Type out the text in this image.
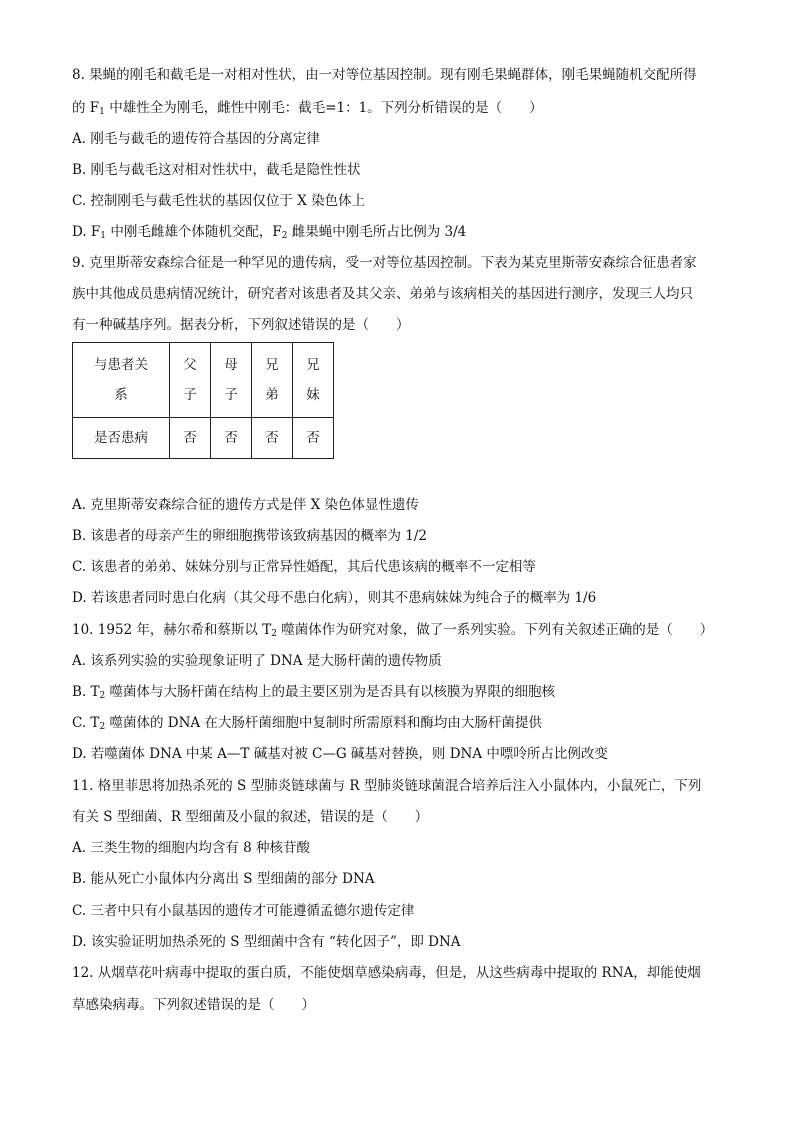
8. 果蝇的刚毛和截毛是一对相对性状，由一对等位基因控制。现有刚毛果蝇群体，刚毛果蝇随机交配所得
的 $F_1$ 中雄性全为刚毛，雌性中刚毛：截毛=1：1。下列分析错误的是（　　）
A. 刚毛与截毛的遗传符合基因的分离定律
B. 刚毛与截毛这对相对性状中，截毛是隐性性状
C. 控制刚毛与截毛性状的基因仅位于 X 染色体上
D. $F_1$ 中刚毛雌雄个体随机交配，$F_2$ 雌果蝇中刚毛所占比例为 3/4
9. 克里斯蒂安森综合征是一种罕见的遗传病，受一对等位基因控制。下表为某克里斯蒂安森综合征患者家
族中其他成员患病情况统计，研究者对该患者及其父亲、弟弟与该病相关的基因进行测序，发现三人均只
有一种碱基序列。据表分析，下列叙述错误的是（　　）
与患者关系	父子	母子	兄弟	兄妹
是否患病	否	否	否	否
A. 克里斯蒂安森综合征的遗传方式是伴 X 染色体显性遗传
B. 该患者的母亲产生的卵细胞携带该致病基因的概率为 1/2
C. 该患者的弟弟、妹妹分别与正常异性婚配，其后代患该病的概率不一定相等
D. 若该患者同时患白化病（其父母不患白化病），则其不患病妹妹为纯合子的概率为 1/6
10. 1952 年，赫尔希和蔡斯以 $T_2$ 噬菌体作为研究对象，做了一系列实验。下列有关叙述正确的是（　　）
A. 该系列实验的实验现象证明了 DNA 是大肠杆菌的遗传物质
B. $T_2$ 噬菌体与大肠杆菌在结构上的最主要区别为是否具有以核膜为界限的细胞核
C. $T_2$ 噬菌体的 DNA 在大肠杆菌细胞中复制时所需原料和酶均由大肠杆菌提供
D. 若噬菌体 DNA 中某 A—T 碱基对被 C—G 碱基对替换，则 DNA 中嘌呤所占比例改变
11. 格里菲思将加热杀死的 S 型肺炎链球菌与 R 型肺炎链球菌混合培养后注入小鼠体内，小鼠死亡，下列
有关 S 型细菌、R 型细菌及小鼠的叙述，错误的是（　　）
A. 三类生物的细胞内均含有 8 种核苷酸
B. 能从死亡小鼠体内分离出 S 型细菌的部分 DNA
C. 三者中只有小鼠基因的遗传才可能遵循孟德尔遗传定律
D. 该实验证明加热杀死的 S 型细菌中含有 “转化因子”，即 DNA
12. 从烟草花叶病毒中提取的蛋白质，不能使烟草感染病毒，但是，从这些病毒中提取的 RNA，却能使烟
草感染病毒。下列叙述错误的是（　　）
